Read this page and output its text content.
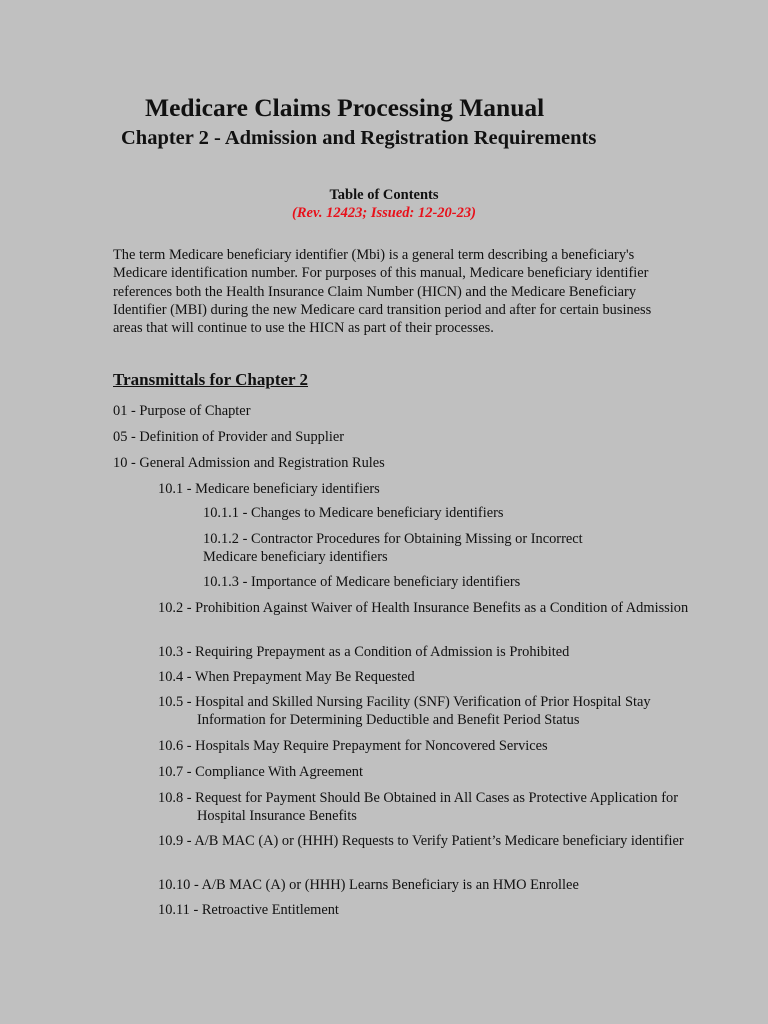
Medicare Claims Processing Manual
Chapter 2 - Admission and Registration Requirements
Table of Contents
(Rev. 12423; Issued: 12-20-23)

The term Medicare beneficiary identifier (Mbi) is a general term describing a beneficiary's Medicare identification number. For purposes of this manual, Medicare beneficiary identifier references both the Health Insurance Claim Number (HICN) and the Medicare Beneficiary Identifier (MBI) during the new Medicare card transition period and after for certain business areas that will continue to use the HICN as part of their processes.

Transmittals for Chapter 2
01 - Purpose of Chapter
05 - Definition of Provider and Supplier
10 - General Admission and Registration Rules
10.1 - Medicare beneficiary identifiers
10.1.1 - Changes to Medicare beneficiary identifiers
10.1.2 - Contractor Procedures for Obtaining Missing or Incorrect Medicare beneficiary identifiers
10.1.3 - Importance of Medicare beneficiary identifiers
10.2 - Prohibition Against Waiver of Health Insurance Benefits as a Condition of Admission
10.3 - Requiring Prepayment as a Condition of Admission is Prohibited
10.4 - When Prepayment May Be Requested
10.5 - Hospital and Skilled Nursing Facility (SNF) Verification of Prior Hospital Stay Information for Determining Deductible and Benefit Period Status
10.6 - Hospitals May Require Prepayment for Noncovered Services
10.7 - Compliance With Agreement
10.8 - Request for Payment Should Be Obtained in All Cases as Protective Application for Hospital Insurance Benefits
10.9 - A/B MAC (A) or (HHH) Requests to Verify Patient’s Medicare beneficiary identifier
10.10 - A/B MAC (A) or (HHH) Learns Beneficiary is an HMO Enrollee
10.11 - Retroactive Entitlement
